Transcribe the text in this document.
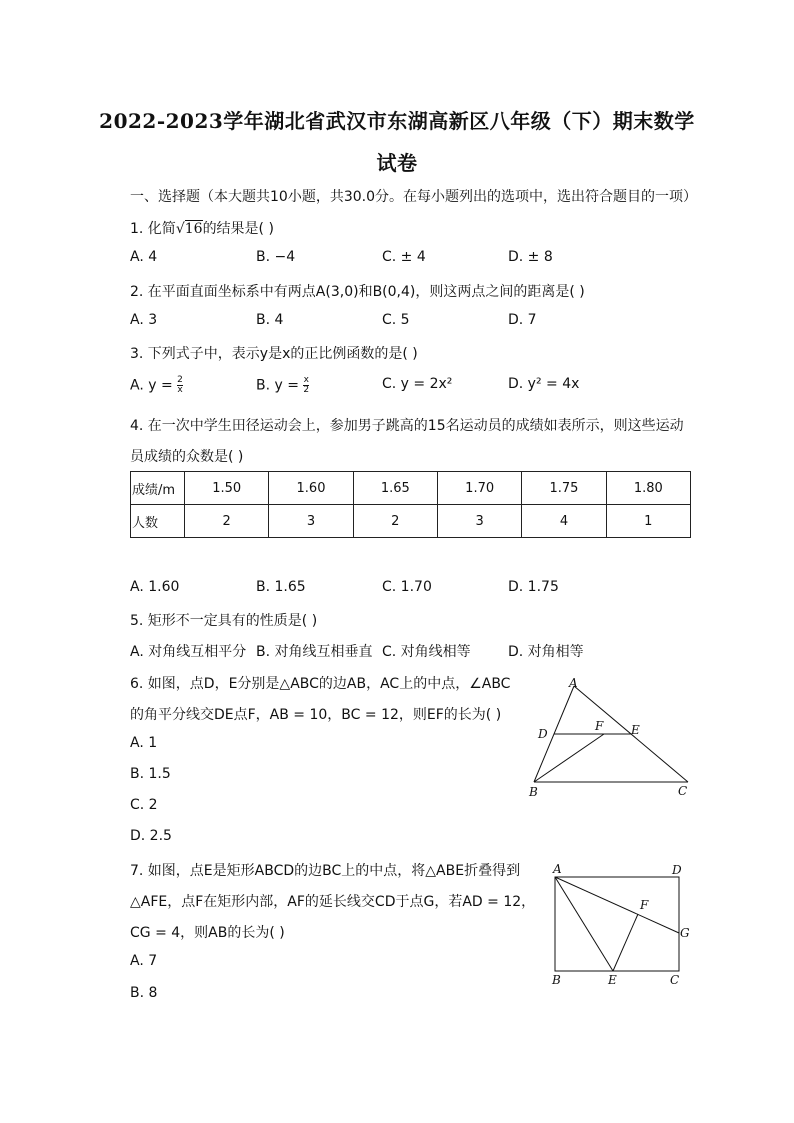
2022-2023学年湖北省武汉市东湖高新区八年级（下）期末数学
试卷
一、选择题（本大题共10小题，共30.0分。在每小题列出的选项中，选出符合题目的一项）
1. 化简√16的结果是( )
A. 4	B. −4	C. ± 4	D. ± 8
2. 在平面直面坐标系中有两点A(3,0)和B(0,4)，则这两点之间的距离是( )
A. 3	B. 4	C. 5	D. 7
3. 下列式子中，表示y是x的正比例函数的是( )
A. $y = \frac{2}{x}$	B. $y = \frac{x}{2}$	C. y = 2x²	D. y² = 4x
4. 在一次中学生田径运动会上，参加男子跳高的15名运动员的成绩如表所示，则这些运动
员成绩的众数是( )
成绩/m	1.50	1.60	1.65	1.70	1.75	1.80
人数	2	3	2	3	4	1
A. 1.60	B. 1.65	C. 1.70	D. 1.75
5. 矩形不一定具有的性质是( )
A. 对角线互相平分 B. 对角线互相垂直 C. 对角线相等	D. 对角相等
6. 如图，点D，E分别是△ABC的边AB，AC上的中点，∠ABC
的角平分线交DE点F，AB = 10，BC = 12，则EF的长为( )
A. 1
B. 1.5
C. 2
D. 2.5
A
D
F E
B	C
7. 如图，点E是矩形ABCD的边BC上的中点，将△ABE折叠得到
△AFE，点F在矩形内部，AF的延长线交CD于点G，若AD = 12，
CG = 4，则AB的长为( )
A. 7
B. 8
A	D
F
G
B	E	C
